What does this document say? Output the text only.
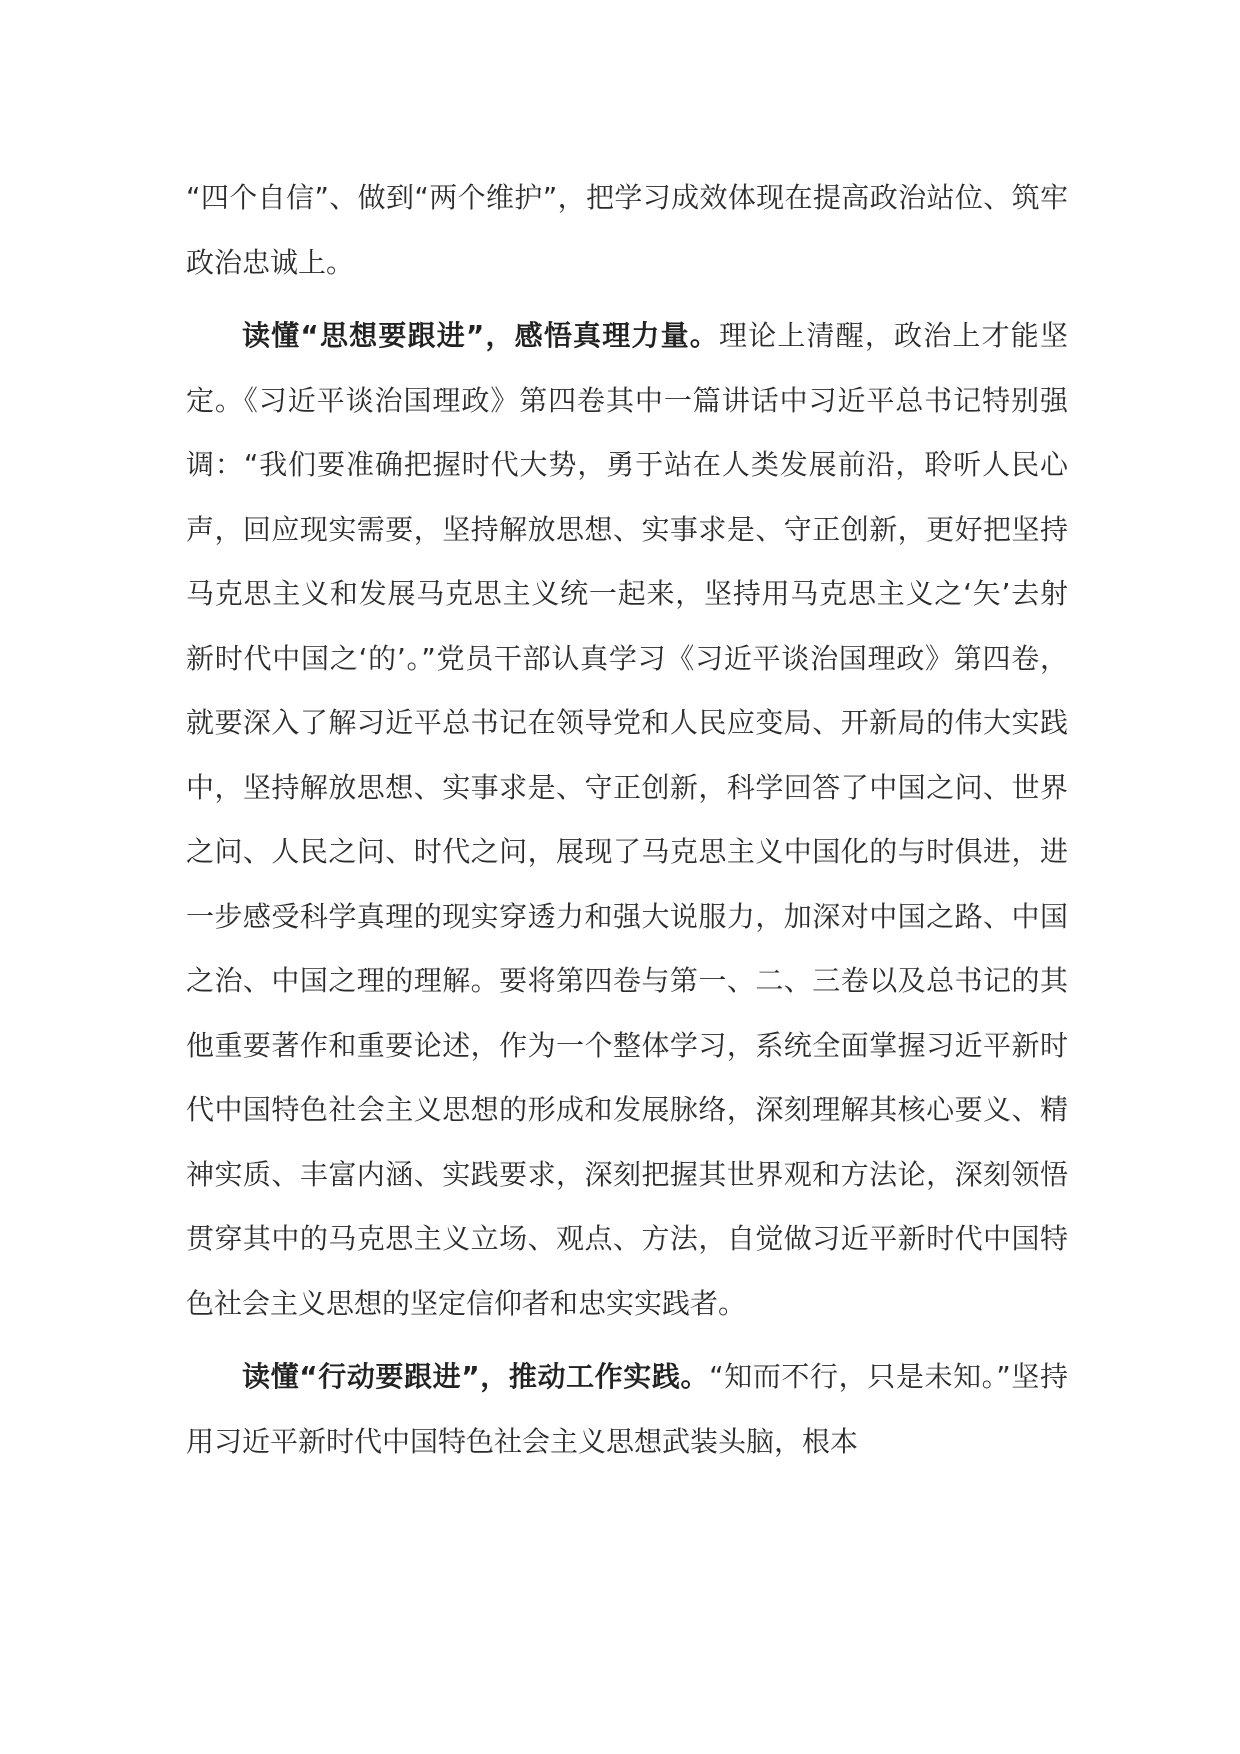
“四个自信”、做到“两个维护”，把学习成效体现在提高政治站位、筑牢政治忠诚上。

读懂“思想要跟进”，感悟真理力量。理论上清醒，政治上才能坚定。《习近平谈治国理政》第四卷其中一篇讲话中习近平总书记特别强调：“我们要准确把握时代大势，勇于站在人类发展前沿，聆听人民心声，回应现实需要，坚持解放思想、实事求是、守正创新，更好把坚持马克思主义和发展马克思主义统一起来，坚持用马克思主义之‘矢’去射新时代中国之‘的’。”党员干部认真学习《习近平谈治国理政》第四卷，就要深入了解习近平总书记在领导党和人民应变局、开新局的伟大实践中，坚持解放思想、实事求是、守正创新，科学回答了中国之问、世界之问、人民之问、时代之问，展现了马克思主义中国化的与时俱进，进一步感受科学真理的现实穿透力和强大说服力，加深对中国之路、中国之治、中国之理的理解。要将第四卷与第一、二、三卷以及总书记的其他重要著作和重要论述，作为一个整体学习，系统全面掌握习近平新时代中国特色社会主义思想的形成和发展脉络，深刻理解其核心要义、精神实质、丰富内涵、实践要求，深刻把握其世界观和方法论，深刻领悟贯穿其中的马克思主义立场、观点、方法，自觉做习近平新时代中国特色社会主义思想的坚定信仰者和忠实实践者。

读懂“行动要跟进”，推动工作实践。“知而不行，只是未知。”坚持用习近平新时代中国特色社会主义思想武装头脑，根本
